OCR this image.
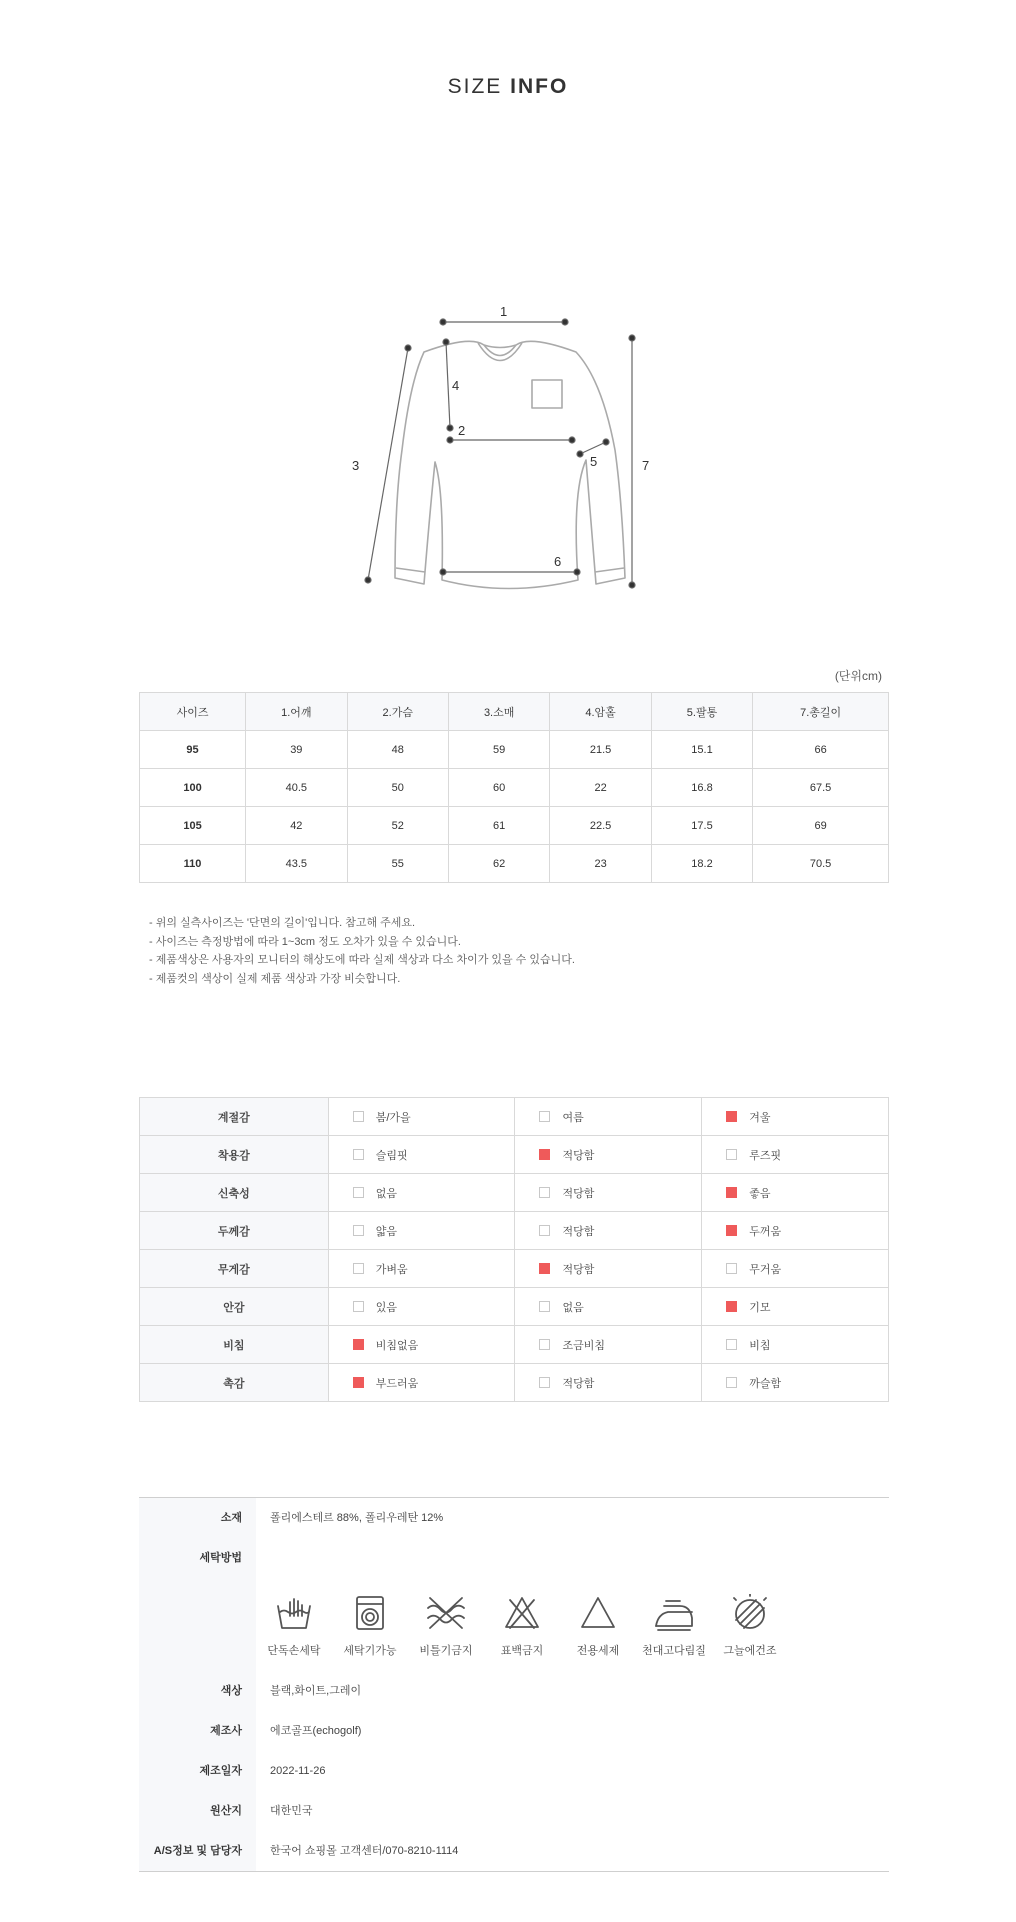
SIZE INFO
1
2
3
4
5
6
7
(단위cm)
사이즈	1.어깨	2.가슴	3.소매	4.암홀	5.팔통	7.총길이
95	39	48	59	21.5	15.1	66
100	40.5	50	60	22	16.8	67.5
105	42	52	61	22.5	17.5	69
110	43.5	55	62	23	18.2	70.5
- 위의 실측사이즈는 '단면의 길이'입니다. 참고해 주세요.
- 사이즈는 측정방법에 따라 1~3cm 정도 오차가 있을 수 있습니다.
- 제품색상은 사용자의 모니터의 해상도에 따라 실제 색상과 다소 차이가 있을 수 있습니다.
- 제품컷의 색상이 실제 제품 색상과 가장 비슷합니다.
계절감	봄/가을	여름	겨울
착용감	슬림핏	적당함	루즈핏
신축성	없음	적당함	좋음
두께감	얇음	적당함	두꺼움
무게감	가벼움	적당함	무거움
안감	있음	없음	기모
비침	비침없음	조금비침	비침
촉감	부드러움	적당함	까슬함
소재	폴리에스테르 88%, 폴리우레탄 12%
세탁방법
단독손세탁	세탁기가능	비틀기금지	표백금지	전용세제	천대고다림질	그늘에건조
색상	블랙,화이트,그레이
제조사	에코골프(echogolf)
제조일자	2022-11-26
원산지	대한민국
A/S정보 및 담당자	한국어 쇼핑몰 고객센터/070-8210-1114
